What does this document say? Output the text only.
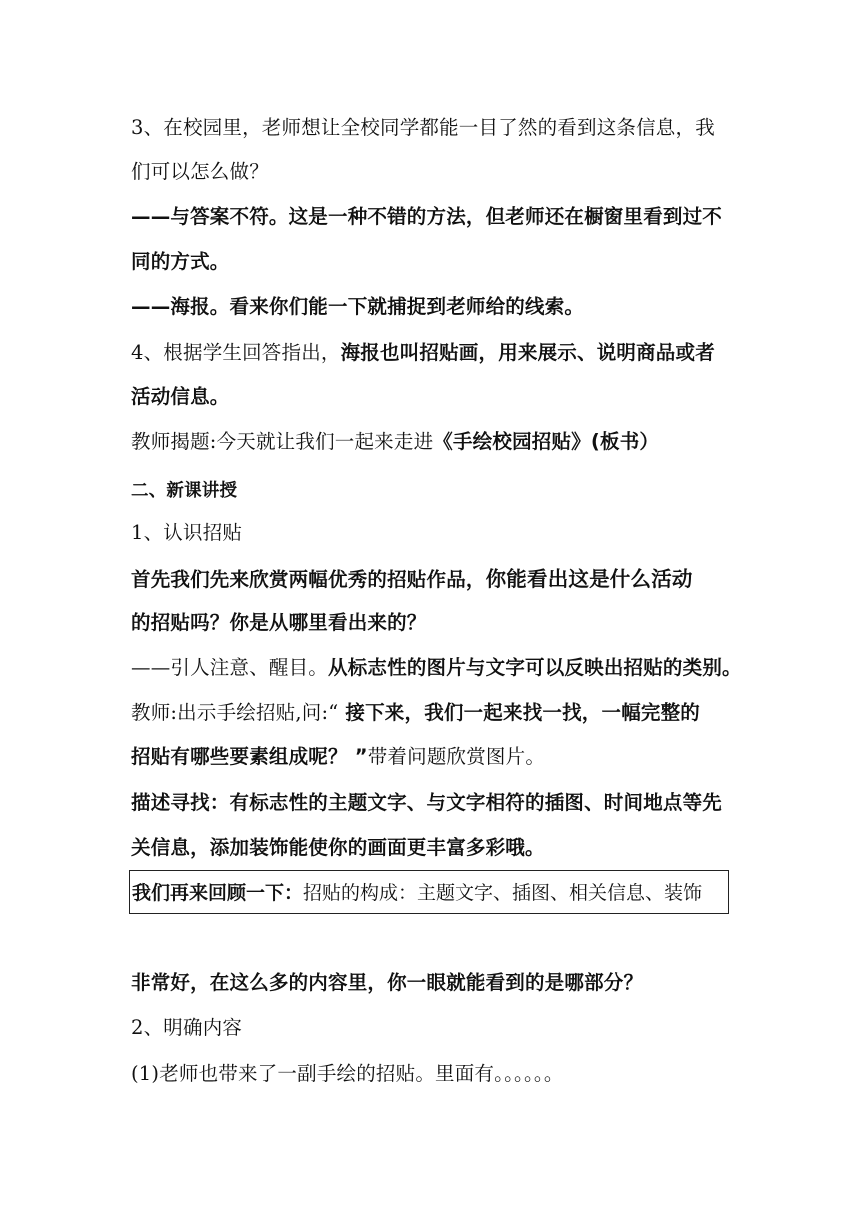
3、在校园里，老师想让全校同学都能一目了然的看到这条信息，我
们可以怎么做？
——与答案不符。这是一种不错的方法，但老师还在橱窗里看到过不
同的方式。
——海报。看来你们能一下就捕捉到老师给的线索。
4、根据学生回答指出，海报也叫招贴画，用来展示、说明商品或者
活动信息。
教师揭题:今天就让我们一起来走进《手绘校园招贴》(板书）
二、新课讲授
1、认识招贴
首先我们先来欣赏两幅优秀的招贴作品，你能看出这是什么活动
的招贴吗？你是从哪里看出来的？
——引人注意、醒目。从标志性的图片与文字可以反映出招贴的类别。
教师:出示手绘招贴,问:“ 接下来，我们一起来找一找，一幅完整的
招贴有哪些要素组成呢？ ”带着问题欣赏图片。
描述寻找：有标志性的主题文字、与文字相符的插图、时间地点等先
关信息，添加装饰能使你的画面更丰富多彩哦。
我们再来回顾一下：招贴的构成：主题文字、插图、相关信息、装饰
非常好，在这么多的内容里，你一眼就能看到的是哪部分？
2、明确内容
(1)老师也带来了一副手绘的招贴。里面有。。。。。。
